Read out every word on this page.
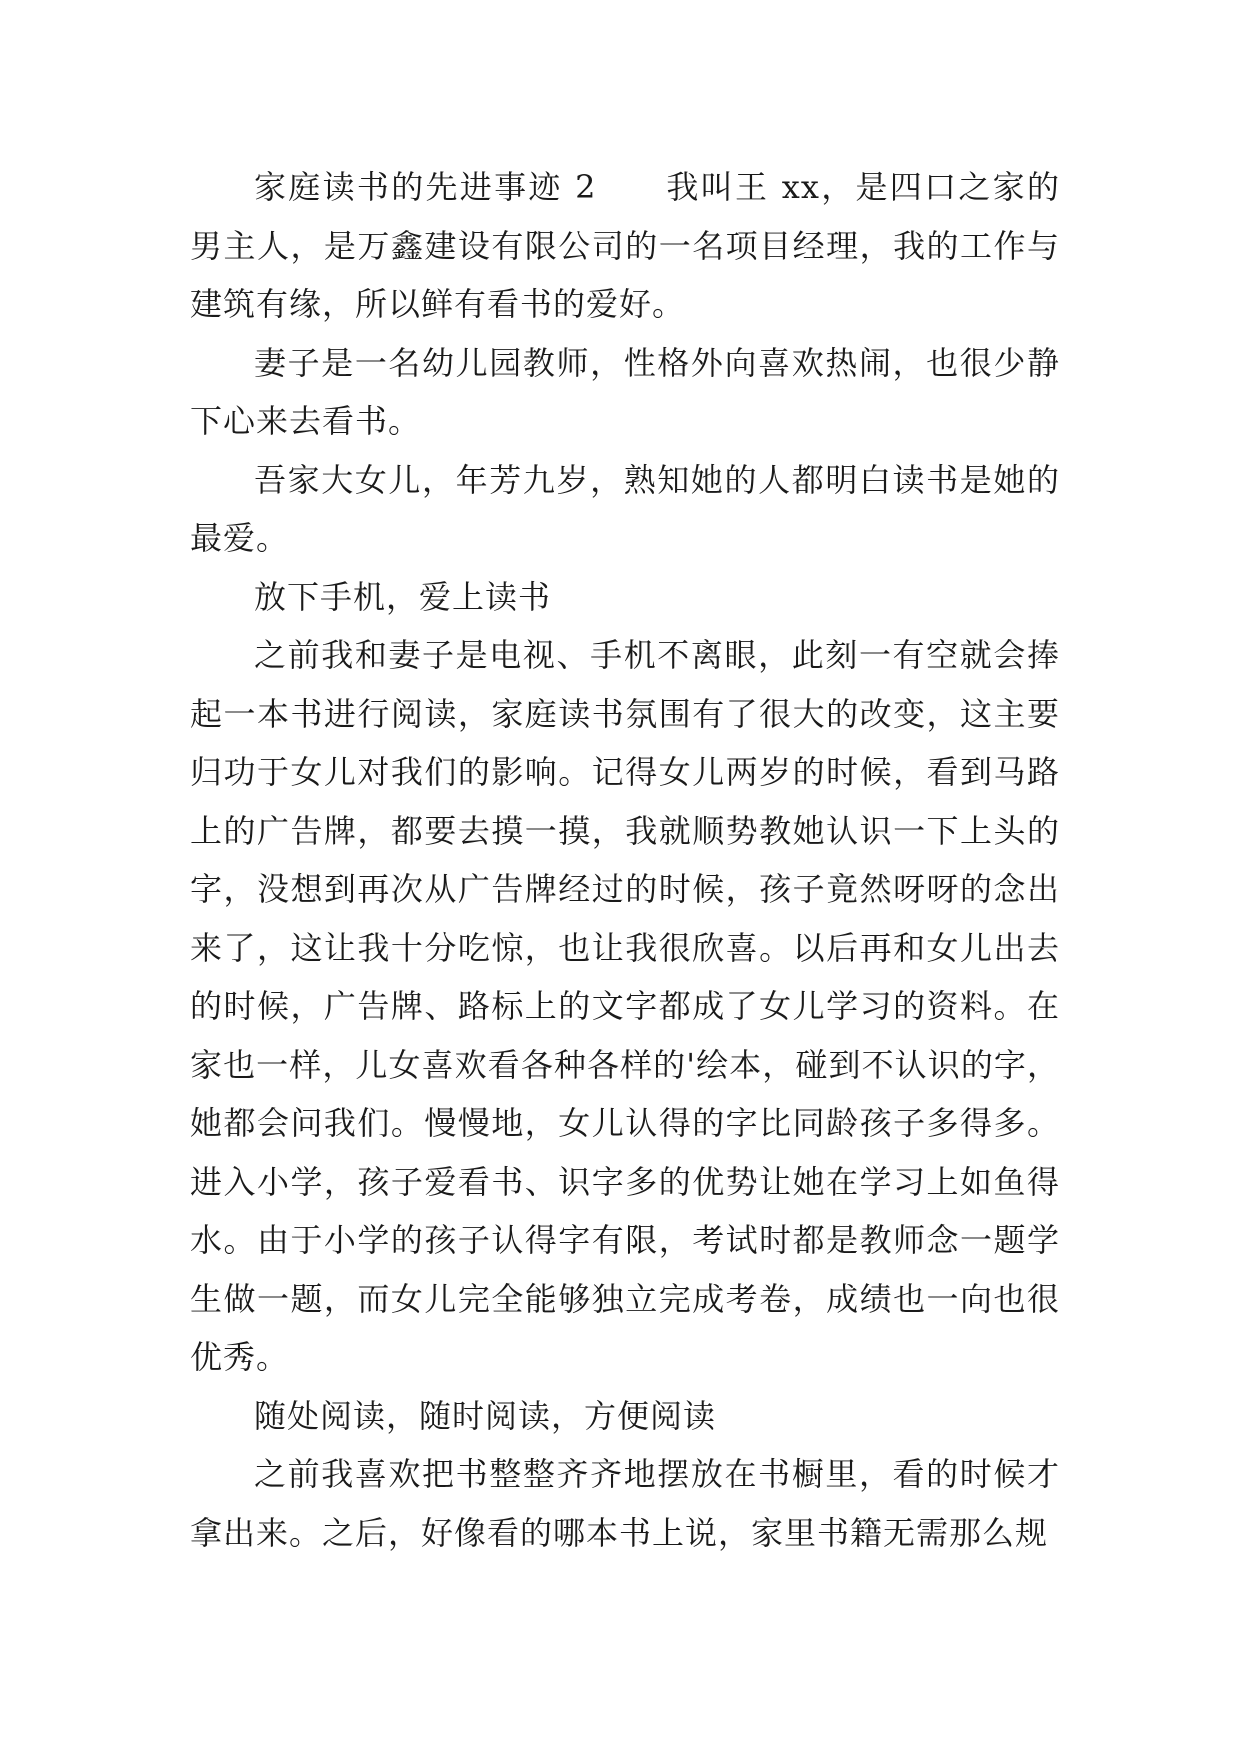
家庭读书的先进事迹 2　　我叫王 xx，是四口之家的男主人，是万鑫建设有限公司的一名项目经理，我的工作与建筑有缘，所以鲜有看书的爱好。

妻子是一名幼儿园教师，性格外向喜欢热闹，也很少静下心来去看书。

吾家大女儿，年芳九岁，熟知她的人都明白读书是她的最爱。

放下手机，爱上读书

之前我和妻子是电视、手机不离眼，此刻一有空就会捧起一本书进行阅读，家庭读书氛围有了很大的改变，这主要归功于女儿对我们的影响。记得女儿两岁的时候，看到马路上的广告牌，都要去摸一摸，我就顺势教她认识一下上头的字，没想到再次从广告牌经过的时候，孩子竟然呀呀的念出来了，这让我十分吃惊，也让我很欣喜。以后再和女儿出去的时候，广告牌、路标上的文字都成了女儿学习的资料。在家也一样，儿女喜欢看各种各样的'绘本，碰到不认识的字，她都会问我们。慢慢地，女儿认得的字比同龄孩子多得多。进入小学，孩子爱看书、识字多的优势让她在学习上如鱼得水。由于小学的孩子认得字有限，考试时都是教师念一题学生做一题，而女儿完全能够独立完成考卷，成绩也一向也很优秀。

随处阅读，随时阅读，方便阅读

之前我喜欢把书整整齐齐地摆放在书橱里，看的时候才拿出来。之后，好像看的哪本书上说，家里书籍无需那么规
